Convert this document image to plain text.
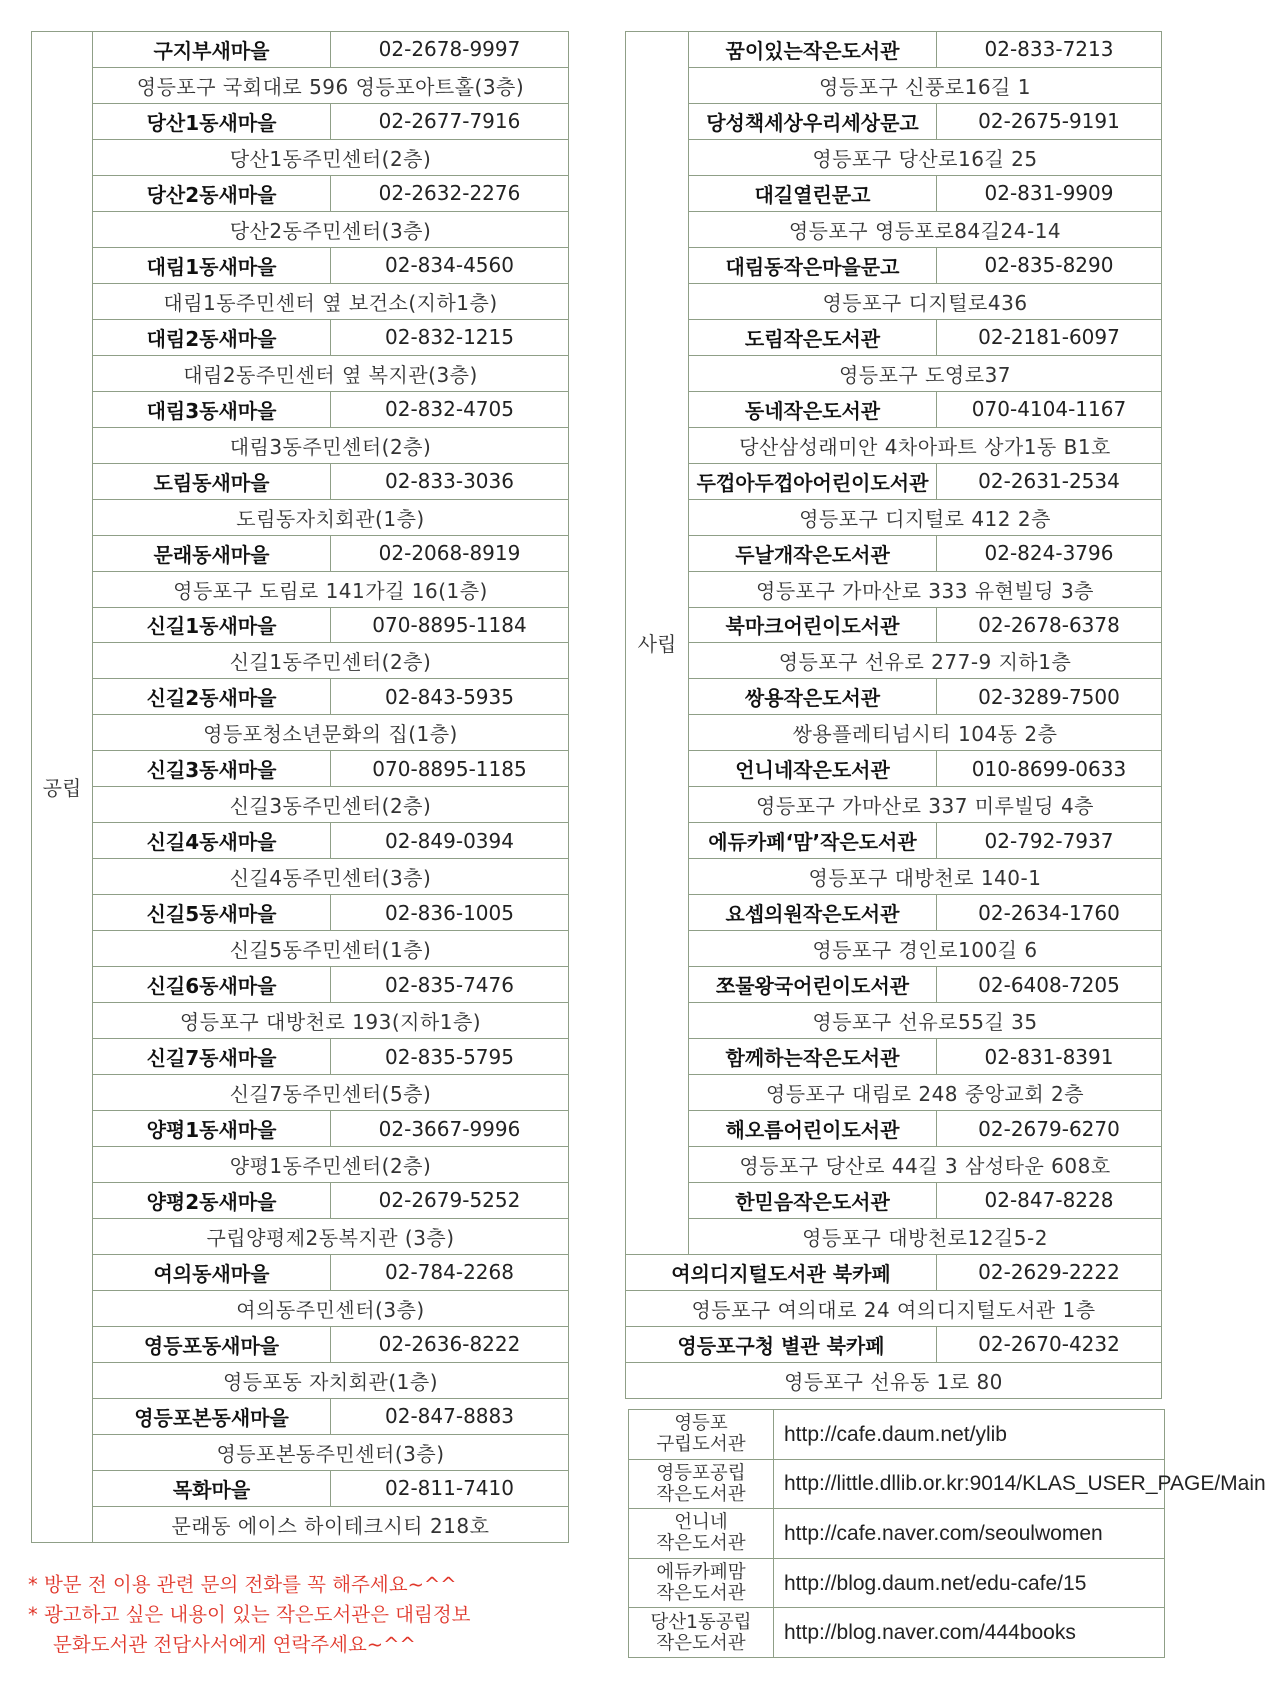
공립	구지부새마을	02-2678-9997
	영등포구 국회대로 596 영등포아트홀(3층)	
	당산1동새마을	02-2677-7916
	당산1동주민센터(2층)	
	당산2동새마을	02-2632-2276
	당산2동주민센터(3층)	
	대림1동새마을	02-834-4560
	대림1동주민센터 옆 보건소(지하1층)	
	대림2동새마을	02-832-1215
	대림2동주민센터 옆 복지관(3층)	
	대림3동새마을	02-832-4705
	대림3동주민센터(2층)	
	도림동새마을	02-833-3036
	도림동자치회관(1층)	
	문래동새마을	02-2068-8919
	영등포구 도림로 141가길 16(1층)	
	신길1동새마을	070-8895-1184
	신길1동주민센터(2층)	
	신길2동새마을	02-843-5935
	영등포청소년문화의 집(1층)	
	신길3동새마을	070-8895-1185
	신길3동주민센터(2층)	
	신길4동새마을	02-849-0394
	신길4동주민센터(3층)	
	신길5동새마을	02-836-1005
	신길5동주민센터(1층)	
	신길6동새마을	02-835-7476
	영등포구 대방천로 193(지하1층)	
	신길7동새마을	02-835-5795
	신길7동주민센터(5층)	
	양평1동새마을	02-3667-9996
	양평1동주민센터(2층)	
	양평2동새마을	02-2679-5252
	구립양평제2동복지관 (3층)	
	여의동새마을	02-784-2268
	여의동주민센터(3층)	
	영등포동새마을	02-2636-8222
	영등포동 자치회관(1층)	
	영등포본동새마을	02-847-8883
	영등포본동주민센터(3층)	
	목화마을	02-811-7410
	문래동 에이스 하이테크시티 218호	
사립	꿈이있는작은도서관	02-833-7213
	영등포구 신풍로16길 1	
	당성책세상우리세상문고	02-2675-9191
	영등포구 당산로16길 25	
	대길열린문고	02-831-9909
	영등포구 영등포로84길24-14	
	대림동작은마을문고	02-835-8290
	영등포구 디지털로436	
	도림작은도서관	02-2181-6097
	영등포구 도영로37	
	동네작은도서관	070-4104-1167
	당산삼성래미안 4차아파트 상가1동 B1호	
	두껍아두껍아어린이도서관	02-2631-2534
	영등포구 디지털로 412 2층	
	두날개작은도서관	02-824-3796
	영등포구 가마산로 333 유현빌딩 3층	
	북마크어린이도서관	02-2678-6378
	영등포구 선유로 277-9 지하1층	
	쌍용작은도서관	02-3289-7500
	쌍용플레티넘시티 104동 2층	
	언니네작은도서관	010-8699-0633
	영등포구 가마산로 337 미루빌딩 4층	
	에듀카페‘맘’작은도서관	02-792-7937
	영등포구 대방천로 140-1	
	요셉의원작은도서관	02-2634-1760
	영등포구 경인로100길 6	
	쪼물왕국어린이도서관	02-6408-7205
	영등포구 선유로55길 35	
	함께하는작은도서관	02-831-8391
	영등포구 대림로 248 중앙교회 2층	
	해오름어린이도서관	02-2679-6270
	영등포구 당산로 44길 3 삼성타운 608호	
	한믿음작은도서관	02-847-8228
	영등포구 대방천로12길5-2	
여의디지털도서관 북카페		02-2629-2222
영등포구 여의대로 24 여의디지털도서관 1층		
영등포구청 별관 북카페		02-2670-4232
영등포구 선유동 1로 80		
영등포
구립도서관	http://cafe.daum.net/ylib
영등포공립
작은도서관	http://little.dllib.or.kr:9014/KLAS_USER_PAGE/Main
언니네
작은도서관	http://cafe.naver.com/seoulwomen
에듀카페맘
작은도서관	http://blog.daum.net/edu-cafe/15
당산1동공립
작은도서관	http://blog.naver.com/444books
* 방문 전 이용 관련 문의 전화를 꼭 해주세요~^^
* 광고하고 싶은 내용이 있는 작은도서관은 대림정보
문화도서관 전담사서에게 연락주세요~^^
